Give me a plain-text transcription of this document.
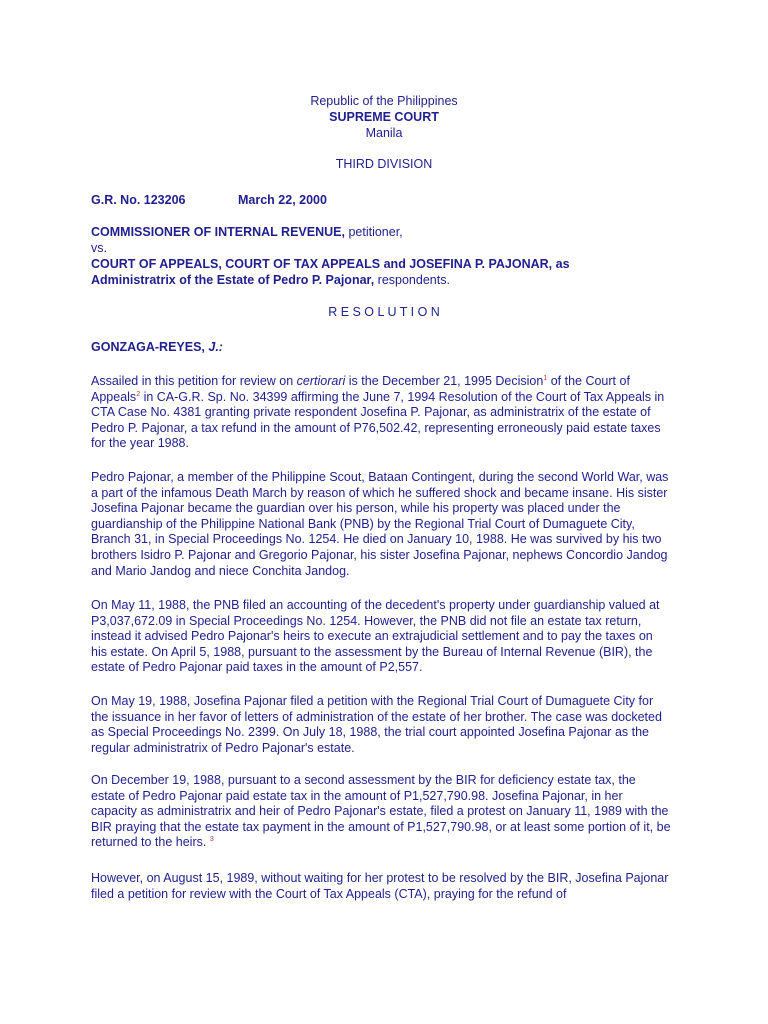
Republic of the Philippines
SUPREME COURT
Manila
THIRD DIVISION
G.R. No. 123206	March 22, 2000
COMMISSIONER OF INTERNAL REVENUE, petitioner,
vs.
COURT OF APPEALS, COURT OF TAX APPEALS and JOSEFINA P. PAJONAR, as Administratrix of the Estate of Pedro P. Pajonar, respondents.
R E S O L U T I O N
GONZAGA-REYES, J.:

Assailed in this petition for review on certiorari is the December 21, 1995 Decision$^1$ of the Court of Appeals$^2$ in CA-G.R. Sp. No. 34399 affirming the June 7, 1994 Resolution of the Court of Tax Appeals in CTA Case No. 4381 granting private respondent Josefina P. Pajonar, as administratrix of the estate of Pedro P. Pajonar, a tax refund in the amount of P76,502.42, representing erroneously paid estate taxes for the year 1988.

Pedro Pajonar, a member of the Philippine Scout, Bataan Contingent, during the second World War, was a part of the infamous Death March by reason of which he suffered shock and became insane. His sister Josefina Pajonar became the guardian over his person, while his property was placed under the guardianship of the Philippine National Bank (PNB) by the Regional Trial Court of Dumaguete City, Branch 31, in Special Proceedings No. 1254. He died on January 10, 1988. He was survived by his two brothers Isidro P. Pajonar and Gregorio Pajonar, his sister Josefina Pajonar, nephews Concordio Jandog and Mario Jandog and niece Conchita Jandog.

On May 11, 1988, the PNB filed an accounting of the decedent's property under guardianship valued at P3,037,672.09 in Special Proceedings No. 1254. However, the PNB did not file an estate tax return, instead it advised Pedro Pajonar's heirs to execute an extrajudicial settlement and to pay the taxes on his estate. On April 5, 1988, pursuant to the assessment by the Bureau of Internal Revenue (BIR), the estate of Pedro Pajonar paid taxes in the amount of P2,557.

On May 19, 1988, Josefina Pajonar filed a petition with the Regional Trial Court of Dumaguete City for the issuance in her favor of letters of administration of the estate of her brother. The case was docketed as Special Proceedings No. 2399. On July 18, 1988, the trial court appointed Josefina Pajonar as the regular administratrix of Pedro Pajonar's estate.

On December 19, 1988, pursuant to a second assessment by the BIR for deficiency estate tax, the estate of Pedro Pajonar paid estate tax in the amount of P1,527,790.98. Josefina Pajonar, in her capacity as administratrix and heir of Pedro Pajonar's estate, filed a protest on January 11, 1989 with the BIR praying that the estate tax payment in the amount of P1,527,790.98, or at least some portion of it, be returned to the heirs. $^3$

However, on August 15, 1989, without waiting for her protest to be resolved by the BIR, Josefina Pajonar filed a petition for review with the Court of Tax Appeals (CTA), praying for the refund of
